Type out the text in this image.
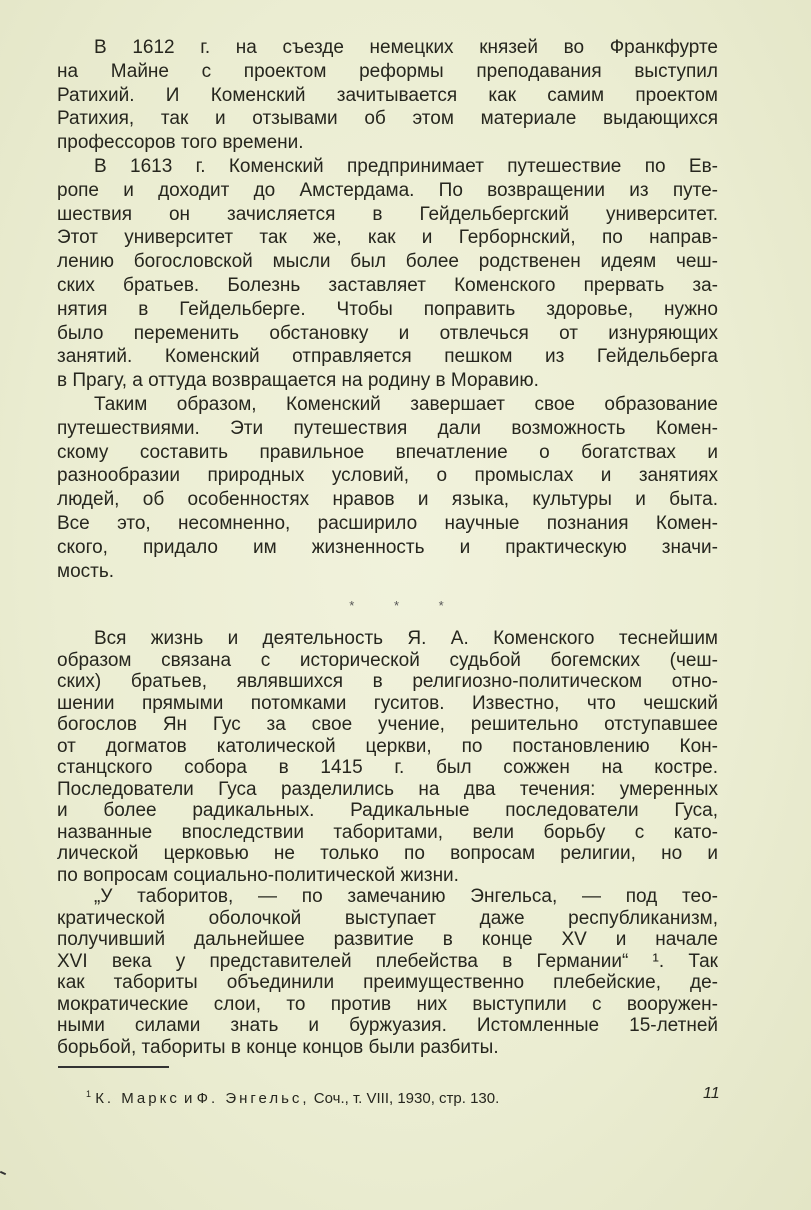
В 1612 г. на съезде немецких князей во Франкфурте
на Майне с проектом реформы преподавания выступил
Ратихий. И Коменский зачитывается как самим проектом
Ратихия, так и отзывами об этом материале выдающихся
профессоров того времени.
В 1613 г. Коменский предпринимает путешествие по Ев-
ропе и доходит до Амстердама. По возвращении из путе-
шествия он зачисляется в Гейдельбергский университет.
Этот университет так же, как и Герборнский, по направ-
лению богословской мысли был более родственен идеям чеш-
ских братьев. Болезнь заставляет Коменского прервать за-
нятия в Гейдельберге. Чтобы поправить здоровье, нужно
было переменить обстановку и отвлечься от изнуряющих
занятий. Коменский отправляется пешком из Гейдельберга
в Прагу, а оттуда возвращается на родину в Моравию.
Таким образом, Коменский завершает свое образование
путешествиями. Эти путешествия дали возможность Комен-
скому составить правильное впечатление о богатствах и
разнообразии природных условий, о промыслах и занятиях
людей, об особенностях нравов и языка, культуры и быта.
Все это, несомненно, расширило научные познания Комен-
ского, придало им жизненность и практическую значи-
мость.
* * *
Вся жизнь и деятельность Я. А. Коменского теснейшим
образом связана с исторической судьбой богемских (чеш-
ских) братьев, являвшихся в религиозно-политическом отно-
шении прямыми потомками гуситов. Известно, что чешский
богослов Ян Гус за свое учение, решительно отступавшее
от догматов католической церкви, по постановлению Кон-
станцского собора в 1415 г. был сожжен на костре.
Последователи Гуса разделились на два течения: умеренных
и более радикальных. Радикальные последователи Гуса,
названные впоследствии таборитами, вели борьбу с като-
лической церковью не только по вопросам религии, но и
по вопросам социально-политической жизни.
„У таборитов, — по замечанию Энгельса, — под тео-
кратической оболочкой выступает даже республиканизм,
получивший дальнейшее развитие в конце XV и начале
XVI века у представителей плебейства в Германии“ ¹. Так
как табориты объединили преимущественно плебейские, де-
мократические слои, то против них выступили с вооружен-
ными силами знать и буржуазия. Истомленные 15-летней
борьбой, табориты в конце концов были разбиты.
$^1$ К. Маркс и Ф. Энгельс, Соч., т. VIII, 1930, стр. 130.	11
